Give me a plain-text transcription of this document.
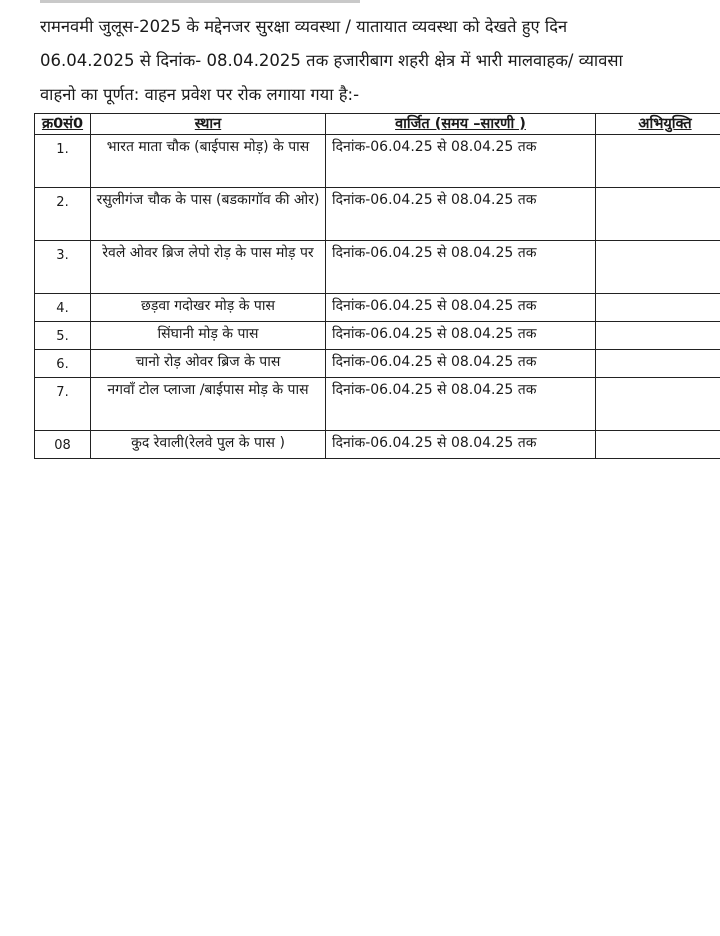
रामनवमी जुलूस-2025 के मद्देनजर सुरक्षा व्यवस्था / यातायात व्यवस्था को देखते हुए दिन
06.04.2025 से दिनांक- 08.04.2025 तक हजारीबाग शहरी क्षेत्र में भारी मालवाहक/ व्यावसा
वाहनो का पूर्णत: वाहन प्रवेश पर रोक लगाया गया है:-
क्र0सं0	स्थान	वार्जित (समय –सारणी )	अभियुक्ति
1.	भारत माता चौक (बाईपास मोड़) के पास	दिनांक-06.04.25 से 08.04.25 तक	
2.	रसुलीगंज चौक के पास (बडकागॉव की ओर)	दिनांक-06.04.25 से 08.04.25 तक	
3.	रेवले ओवर ब्रिज लेपो रोड़ के पास मोड़ पर	दिनांक-06.04.25 से 08.04.25 तक	
4.	छड़वा गदोखर मोड़ के पास	दिनांक-06.04.25 से 08.04.25 तक	
5.	सिंघानी मोड़ के पास	दिनांक-06.04.25 से 08.04.25 तक	
6.	चानो रोड़ ओवर ब्रिज के पास	दिनांक-06.04.25 से 08.04.25 तक	
7.	नगवॉं टोल प्लाजा /बाईपास मोड़ के पास	दिनांक-06.04.25 से 08.04.25 तक	
08	कुद रेवाली(रेलवे पुल के पास )	दिनांक-06.04.25 से 08.04.25 तक	
